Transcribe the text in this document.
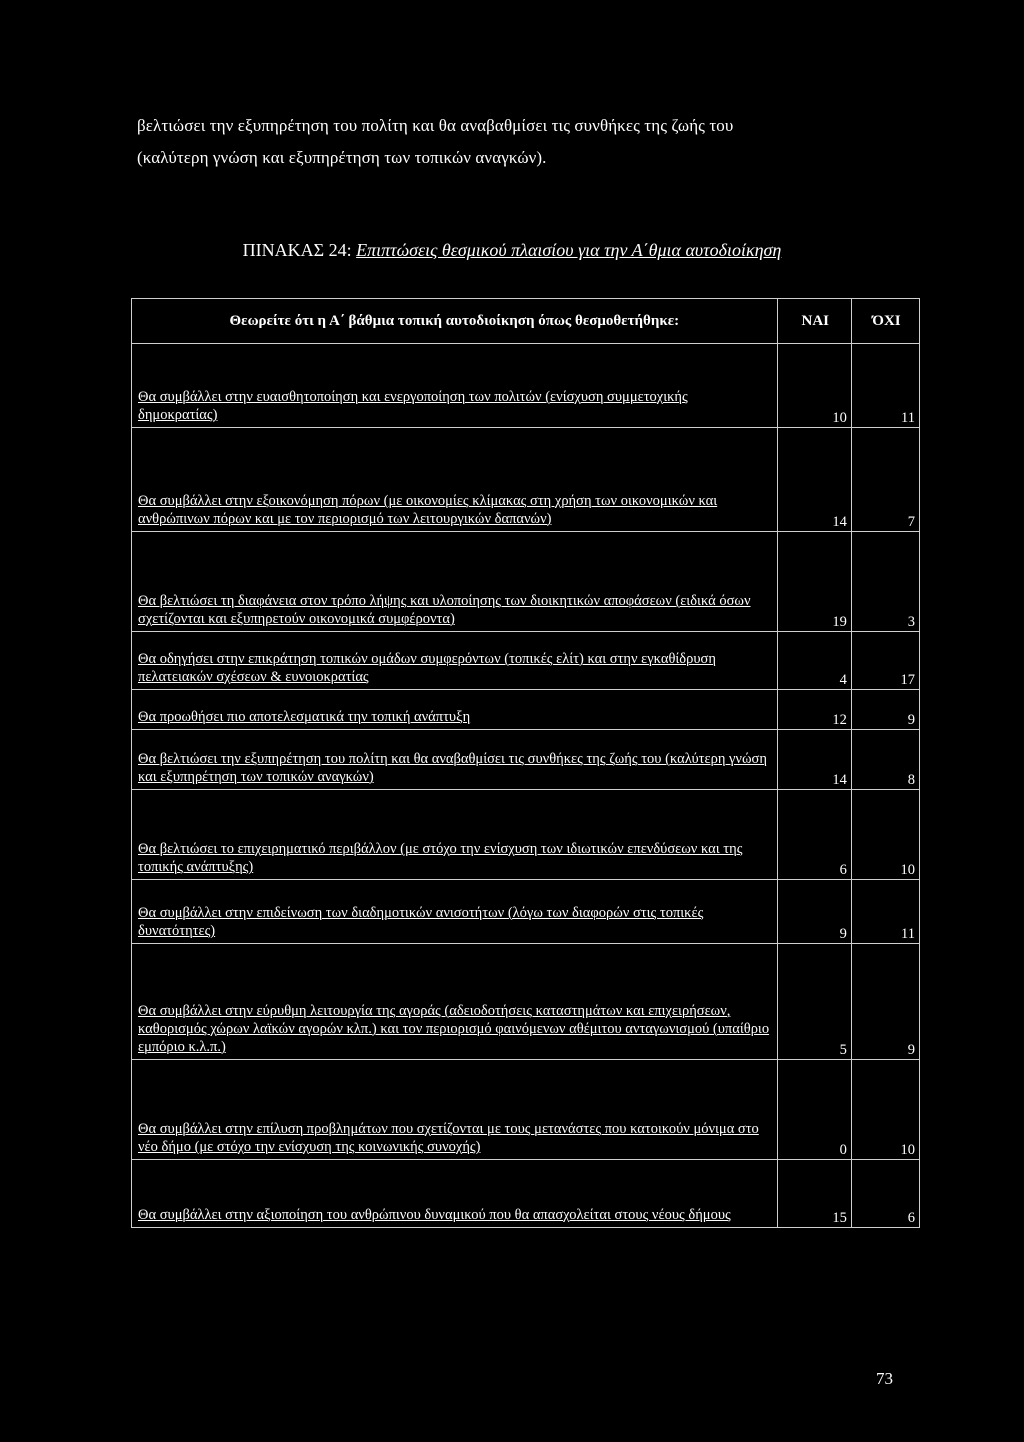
βελτιώσει την εξυπηρέτηση του πολίτη και θα αναβαθμίσει τις συνθήκες της ζωής του
(καλύτερη γνώση και εξυπηρέτηση των τοπικών αναγκών).
ΠΙΝΑΚΑΣ 24: Επιπτώσεις θεσμικού πλαισίου για την Α΄θμια αυτοδιοίκηση
Θεωρείτε ότι η Α΄ βάθμια τοπική αυτοδιοίκηση όπως θεσμοθετήθηκε:	ΝΑΙ	ΌΧΙ
Θα συμβάλλει στην ευαισθητοποίηση και ενεργοποίηση των πολιτών (ενίσχυση συμμετοχικής δημοκρατίας)	10	11
Θα συμβάλλει στην εξοικονόμηση πόρων (με οικονομίες κλίμακας στη χρήση των οικονομικών και ανθρώπινων πόρων και με τον περιορισμό των λειτουργικών δαπανών)	14	7
Θα βελτιώσει τη διαφάνεια στον τρόπο λήψης και υλοποίησης των διοικητικών αποφάσεων (ειδικά όσων σχετίζονται και εξυπηρετούν οικονομικά συμφέροντα)	19	3
Θα οδηγήσει στην επικράτηση τοπικών ομάδων συμφερόντων (τοπικές ελίτ) και στην εγκαθίδρυση πελατειακών σχέσεων & ευνοιοκρατίας	4	17
Θα προωθήσει πιο αποτελεσματικά την τοπική ανάπτυξη	12	9
Θα βελτιώσει την εξυπηρέτηση του πολίτη και θα αναβαθμίσει τις συνθήκες της ζωής του (καλύτερη γνώση και εξυπηρέτηση των τοπικών αναγκών)	14	8
Θα βελτιώσει το επιχειρηματικό περιβάλλον (με στόχο την ενίσχυση των ιδιωτικών επενδύσεων και της τοπικής ανάπτυξης)	6	10
Θα συμβάλλει στην επιδείνωση των διαδημοτικών ανισοτήτων (λόγω των διαφορών στις τοπικές δυνατότητες)	9	11
Θα συμβάλλει στην εύρυθμη λειτουργία της αγοράς (αδειοδοτήσεις καταστημάτων και επιχειρήσεων, καθορισμός χώρων λαϊκών αγορών κλπ.) και τον περιορισμό φαινόμενων αθέμιτου ανταγωνισμού (υπαίθριο εμπόριο κ.λ.π.)	5	9
Θα συμβάλλει στην επίλυση προβλημάτων που σχετίζονται με τους μετανάστες που κατοικούν μόνιμα στο νέο δήμο (με στόχο την ενίσχυση της κοινωνικής συνοχής)	0	10
Θα συμβάλλει στην αξιοποίηση του ανθρώπινου δυναμικού που θα απασχολείται στους νέους δήμους	15	6
73
